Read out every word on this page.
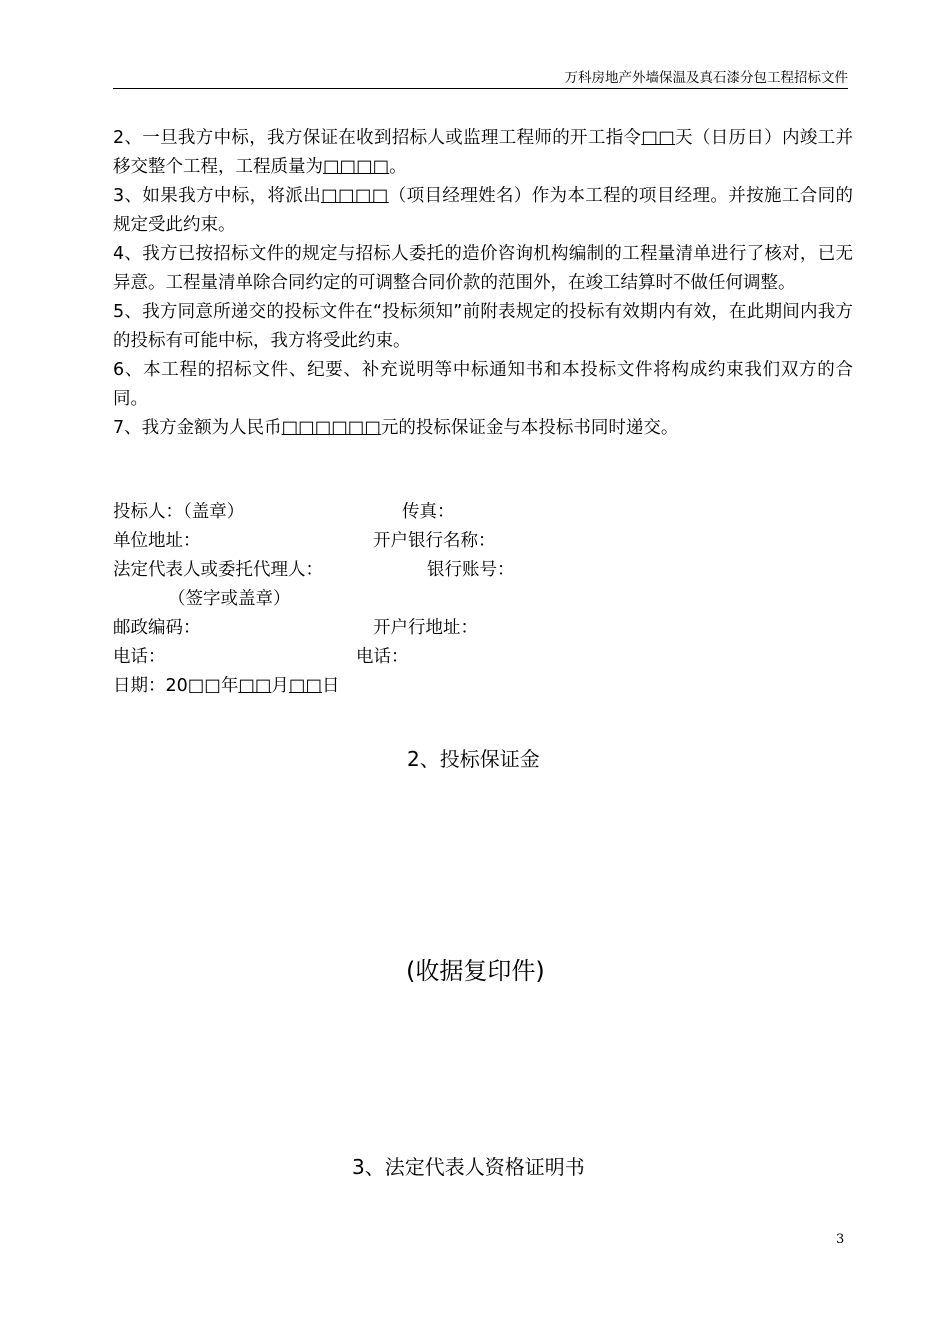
万科房地产外墙保温及真石漆分包工程招标文件

2、一旦我方中标，我方保证在收到招标人或监理工程师的开工指令□□天（日历日）内竣工并移交整个工程，工程质量为□□□□。

3、如果我方中标，将派出□□□□（项目经理姓名）作为本工程的项目经理。并按施工合同的规定受此约束。

4、我方已按招标文件的规定与招标人委托的造价咨询机构编制的工程量清单进行了核对，已无异意。工程量清单除合同约定的可调整合同价款的范围外，在竣工结算时不做任何调整。

5、我方同意所递交的投标文件在“投标须知”前附表规定的投标有效期内有效，在此期间内我方的投标有可能中标，我方将受此约束。

6、本工程的招标文件、纪要、补充说明等中标通知书和本投标文件将构成约束我们双方的合同。

7、我方金额为人民币□□□□□□元的投标保证金与本投标书同时递交。

投标人：（盖章）	传真：
单位地址：	开户银行名称：
法定代表人或委托代理人：	银行账号：
（签字或盖章）
邮政编码：	开户行地址：
电话：	电话：
日期：20□□年□□月□□日
2、投标保证金
(收据复印件)
3、法定代表人资格证明书
3
